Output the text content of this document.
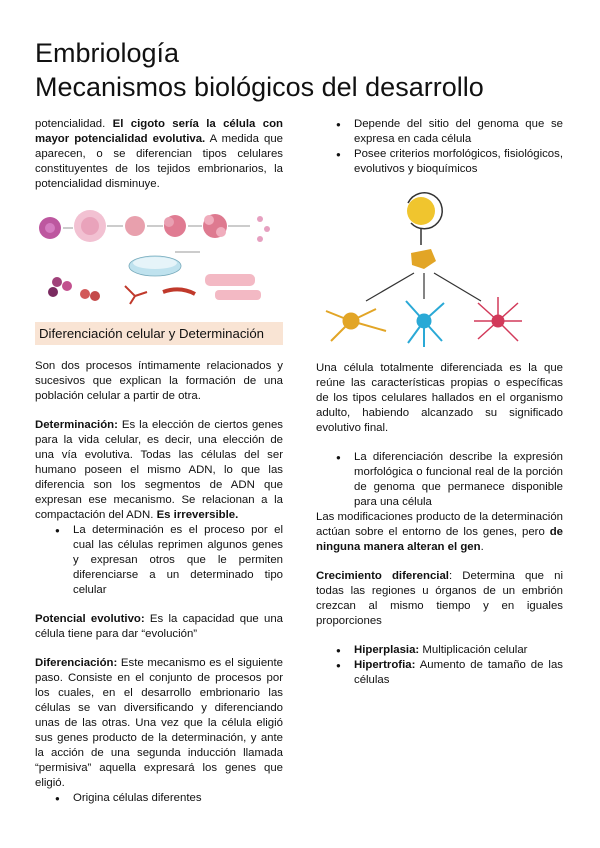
Embriología
Mecanismos biológicos del desarrollo

potencialidad. El cigoto sería la célula con mayor potencialidad evolutiva. A medida que aparecen, o se diferencian tipos celulares constituyentes de los tejidos embrionarios, la potencialidad disminuye.

Diferenciación celular y Determinación

Son dos procesos íntimamente relacionados y sucesivos que explican la formación de una población celular a partir de otra.

Determinación: Es la elección de ciertos genes para la vida celular, es decir, una elección de una vía evolutiva. Todas las células del ser humano poseen el mismo ADN, lo que las diferencia son los segmentos de ADN que expresan ese mecanismo. Se relacionan a la compactación del ADN. Es irreversible.

● La determinación es el proceso por el cual las células reprimen algunos genes y expresan otros que le permiten diferenciarse a un determinado tipo celular

Potencial evolutivo: Es la capacidad que una célula tiene para dar “evolución”

Diferenciación: Este mecanismo es el siguiente paso. Consiste en el conjunto de procesos por los cuales, en el desarrollo embrionario las células se van diversificando y diferenciando unas de las otras. Una vez que la célula eligió sus genes producto de la determinación, y ante la acción de una segunda inducción llamada “permisiva” aquella expresará los genes que eligió.

● Origina células diferentes
● Depende del sitio del genoma que se expresa en cada célula
● Posee criterios morfológicos, fisiológicos, evolutivos y bioquímicos

Una célula totalmente diferenciada es la que reúne las características propias o específicas de los tipos celulares hallados en el organismo adulto, habiendo alcanzado su significado evolutivo final.

● La diferenciación describe la expresión morfológica o funcional real de la porción de genoma que permanece disponible para una célula

Las modificaciones producto de la determinación actúan sobre el entorno de los genes, pero de ninguna manera alteran el gen.

Crecimiento diferencial: Determina que ni todas las regiones u órganos de un embrión crezcan al mismo tiempo y en iguales proporciones

● Hiperplasia: Multiplicación celular
● Hipertrofia: Aumento de tamaño de las células
